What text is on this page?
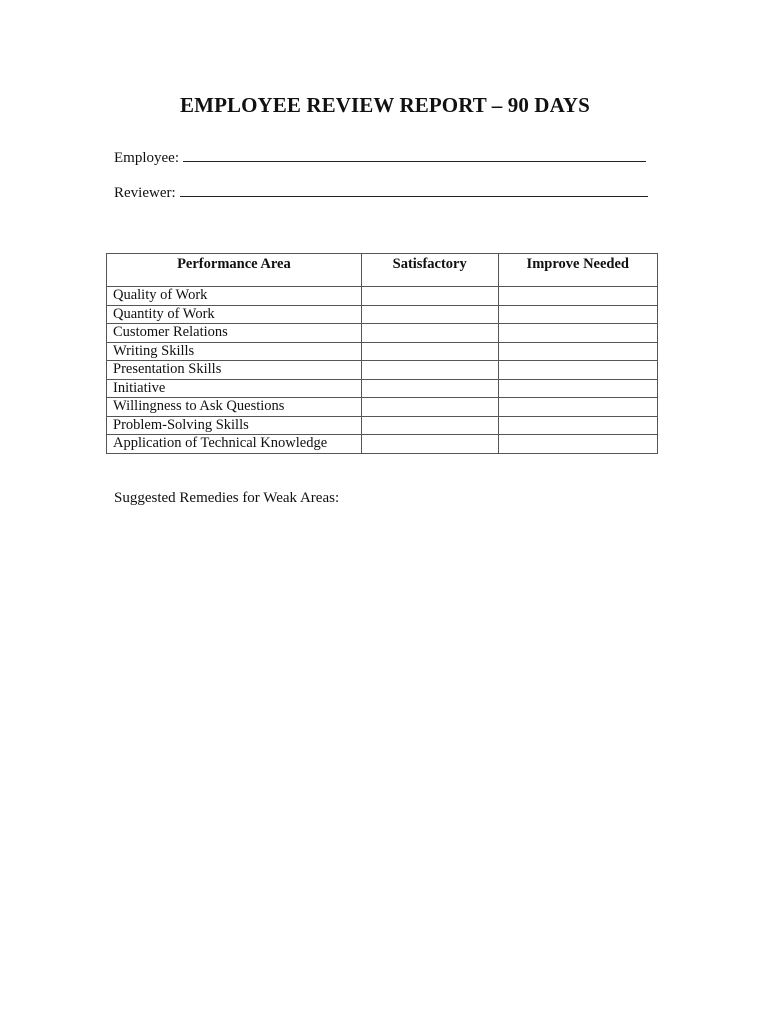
EMPLOYEE REVIEW REPORT – 90 DAYS
Employee:
Reviewer:
Performance Area	Satisfactory	Improve Needed
Quality of Work		
Quantity of Work		
Customer Relations		
Writing Skills		
Presentation Skills		
Initiative		
Willingness to Ask Questions		
Problem-Solving Skills		
Application of Technical Knowledge		
Suggested Remedies for Weak Areas:
